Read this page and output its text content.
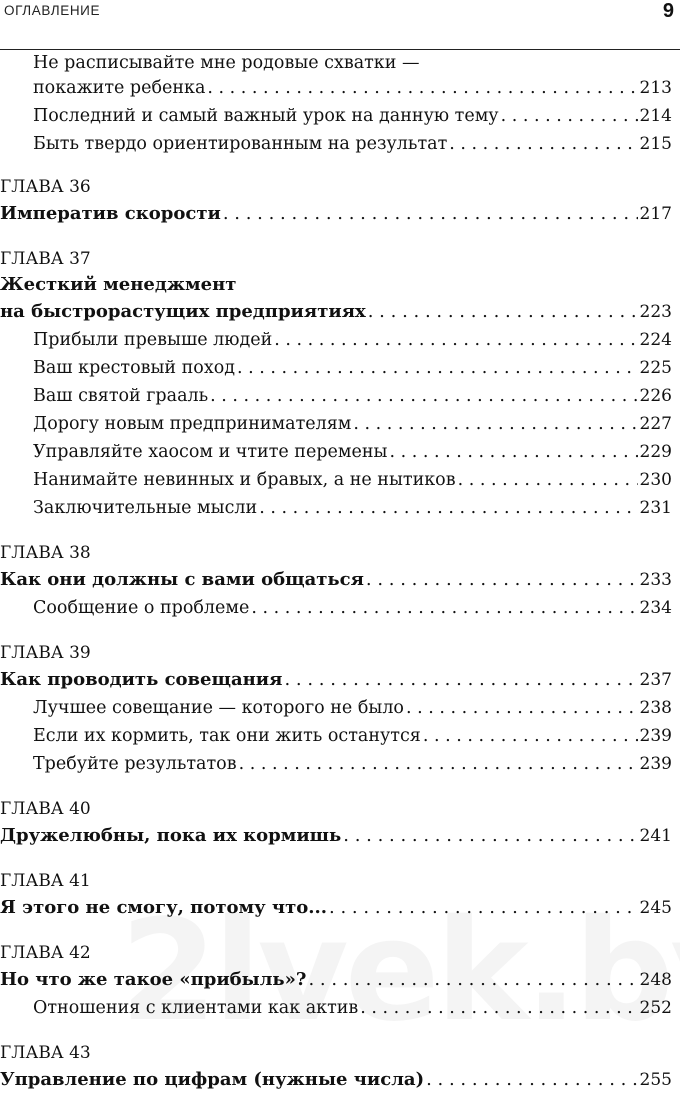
ОГЛАВЛЕНИЕ	9
Не расписывайте мне родовые схватки —
покажите ребенка . . .	213
Последний и самый важный урок на данную тему . . .	214
Быть твердо ориентированным на результат . . .	215
ГЛАВА 36
Императив скорости . . .	217
ГЛАВА 37
Жесткий менеджмент
на быстрорастущих предприятиях . . .	223
Прибыли превыше людей . . .	224
Ваш крестовый поход . . .	225
Ваш святой грааль . . .	226
Дорогу новым предпринимателям . . .	227
Управляйте хаосом и чтите перемены . . .	229
Нанимайте невинных и бравых, а не нытиков . . .	230
Заключительные мысли . . .	231
ГЛАВА 38
Как они должны с вами общаться . . .	233
Сообщение о проблеме . . .	234
ГЛАВА 39
Как проводить совещания . . .	237
Лучшее совещание — которого не было . . .	238
Если их кормить, так они жить останутся . . .	239
Требуйте результатов . . .	239
ГЛАВА 40
Дружелюбны, пока их кормишь . . .	241
ГЛАВА 41
Я этого не смогу, потому что... . . .	245
ГЛАВА 42
Но что же такое «прибыль»? . . .	248
Отношения с клиентами как актив . . .	252
ГЛАВА 43
Управление по цифрам (нужные числа) . . .	255
